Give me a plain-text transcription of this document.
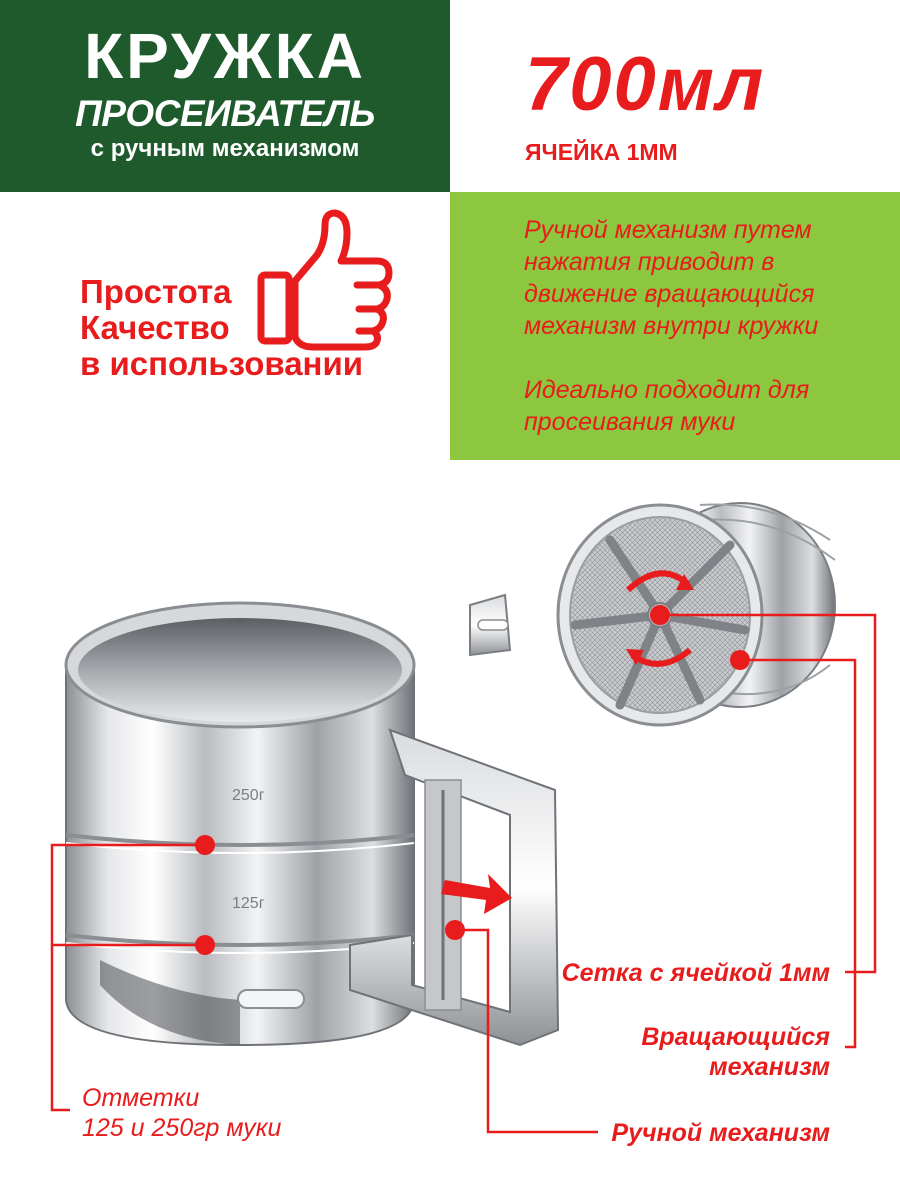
КРУЖКА
ПРОСЕИВАТЕЛЬ
с ручным механизмом
700мл
ЯЧЕЙКА 1ММ

Ручной механизм путем нажатия приводит в движение вращающийся механизм внутри кружки

Идеально подходит для просеивания муки

Простота
Качество
в использовании
250г
125г
Сетка с ячейкой 1мм
Вращающийся
механизм
Ручной механизм
Отметки
125 и 250гр муки
